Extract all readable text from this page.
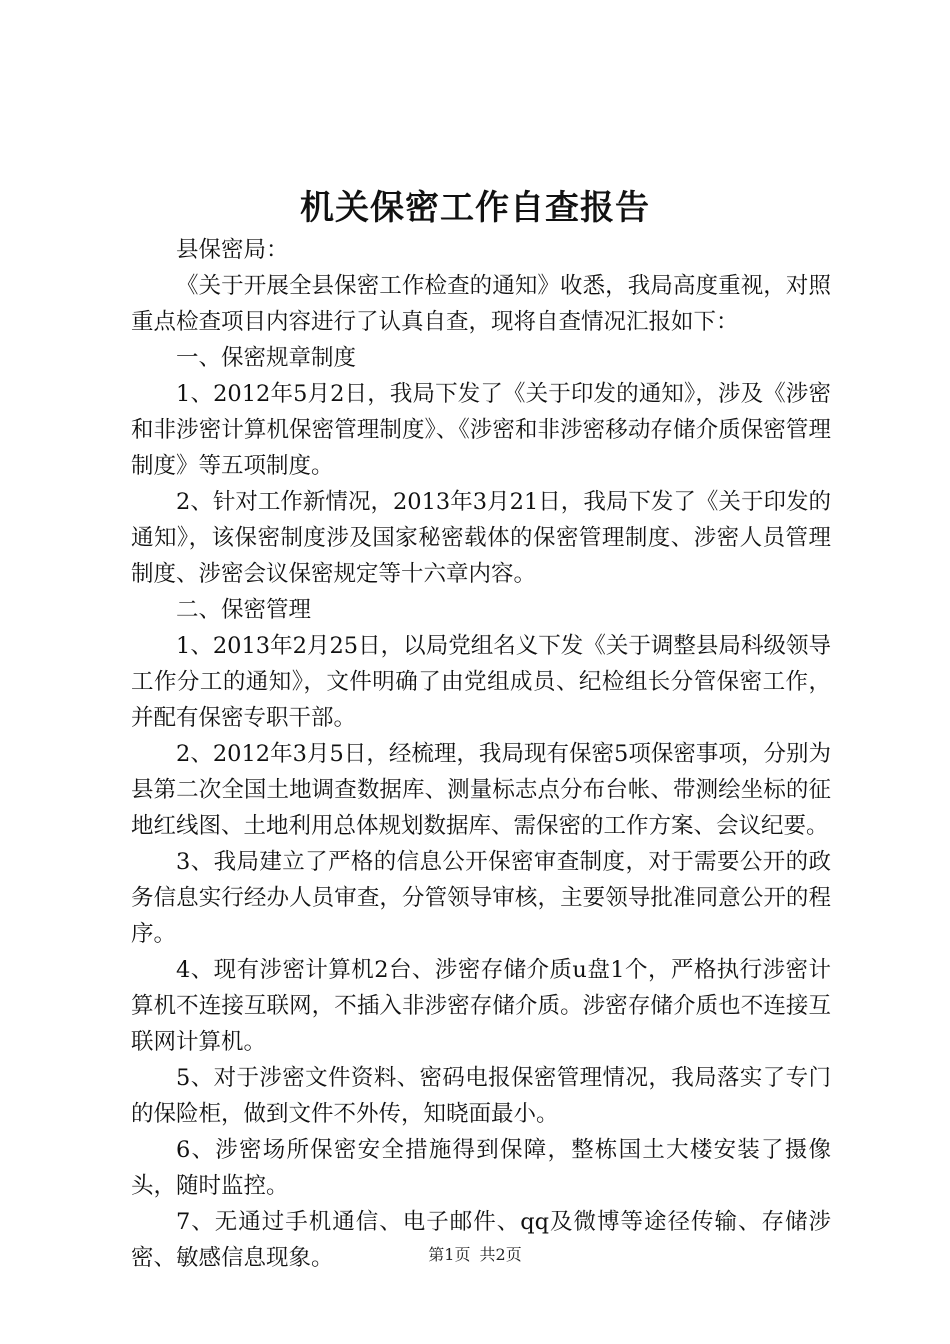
机关保密工作自查报告

县保密局：

《关于开展全县保密工作检查的通知》收悉，我局高度重视，对照重点检查项目内容进行了认真自查，现将自查情况汇报如下：

一、保密规章制度

1、2012年5月2日，我局下发了《关于印发的通知》，涉及《涉密和非涉密计算机保密管理制度》、《涉密和非涉密移动存储介质保密管理制度》等五项制度。

2、针对工作新情况，2013年3月21日，我局下发了《关于印发的通知》，该保密制度涉及国家秘密载体的保密管理制度、涉密人员管理制度、涉密会议保密规定等十六章内容。

二、保密管理

1、2013年2月25日，以局党组名义下发《关于调整县局科级领导工作分工的通知》，文件明确了由党组成员、纪检组长分管保密工作，并配有保密专职干部。

2、2012年3月5日，经梳理，我局现有保密5项保密事项，分别为县第二次全国土地调查数据库、测量标志点分布台帐、带测绘坐标的征地红线图、土地利用总体规划数据库、需保密的工作方案、会议纪要。

3、我局建立了严格的信息公开保密审查制度，对于需要公开的政务信息实行经办人员审查，分管领导审核，主要领导批准同意公开的程序。

4、现有涉密计算机2台、涉密存储介质u盘1个，严格执行涉密计算机不连接互联网，不插入非涉密存储介质。涉密存储介质也不连接互联网计算机。

5、对于涉密文件资料、密码电报保密管理情况，我局落实了专门的保险柜，做到文件不外传，知晓面最小。

6、涉密场所保密安全措施得到保障，整栋国土大楼安装了摄像头，随时监控。

7、无通过手机通信、电子邮件、qq及微博等途径传输、存储涉密、敏感信息现象。	第1页 共2页
